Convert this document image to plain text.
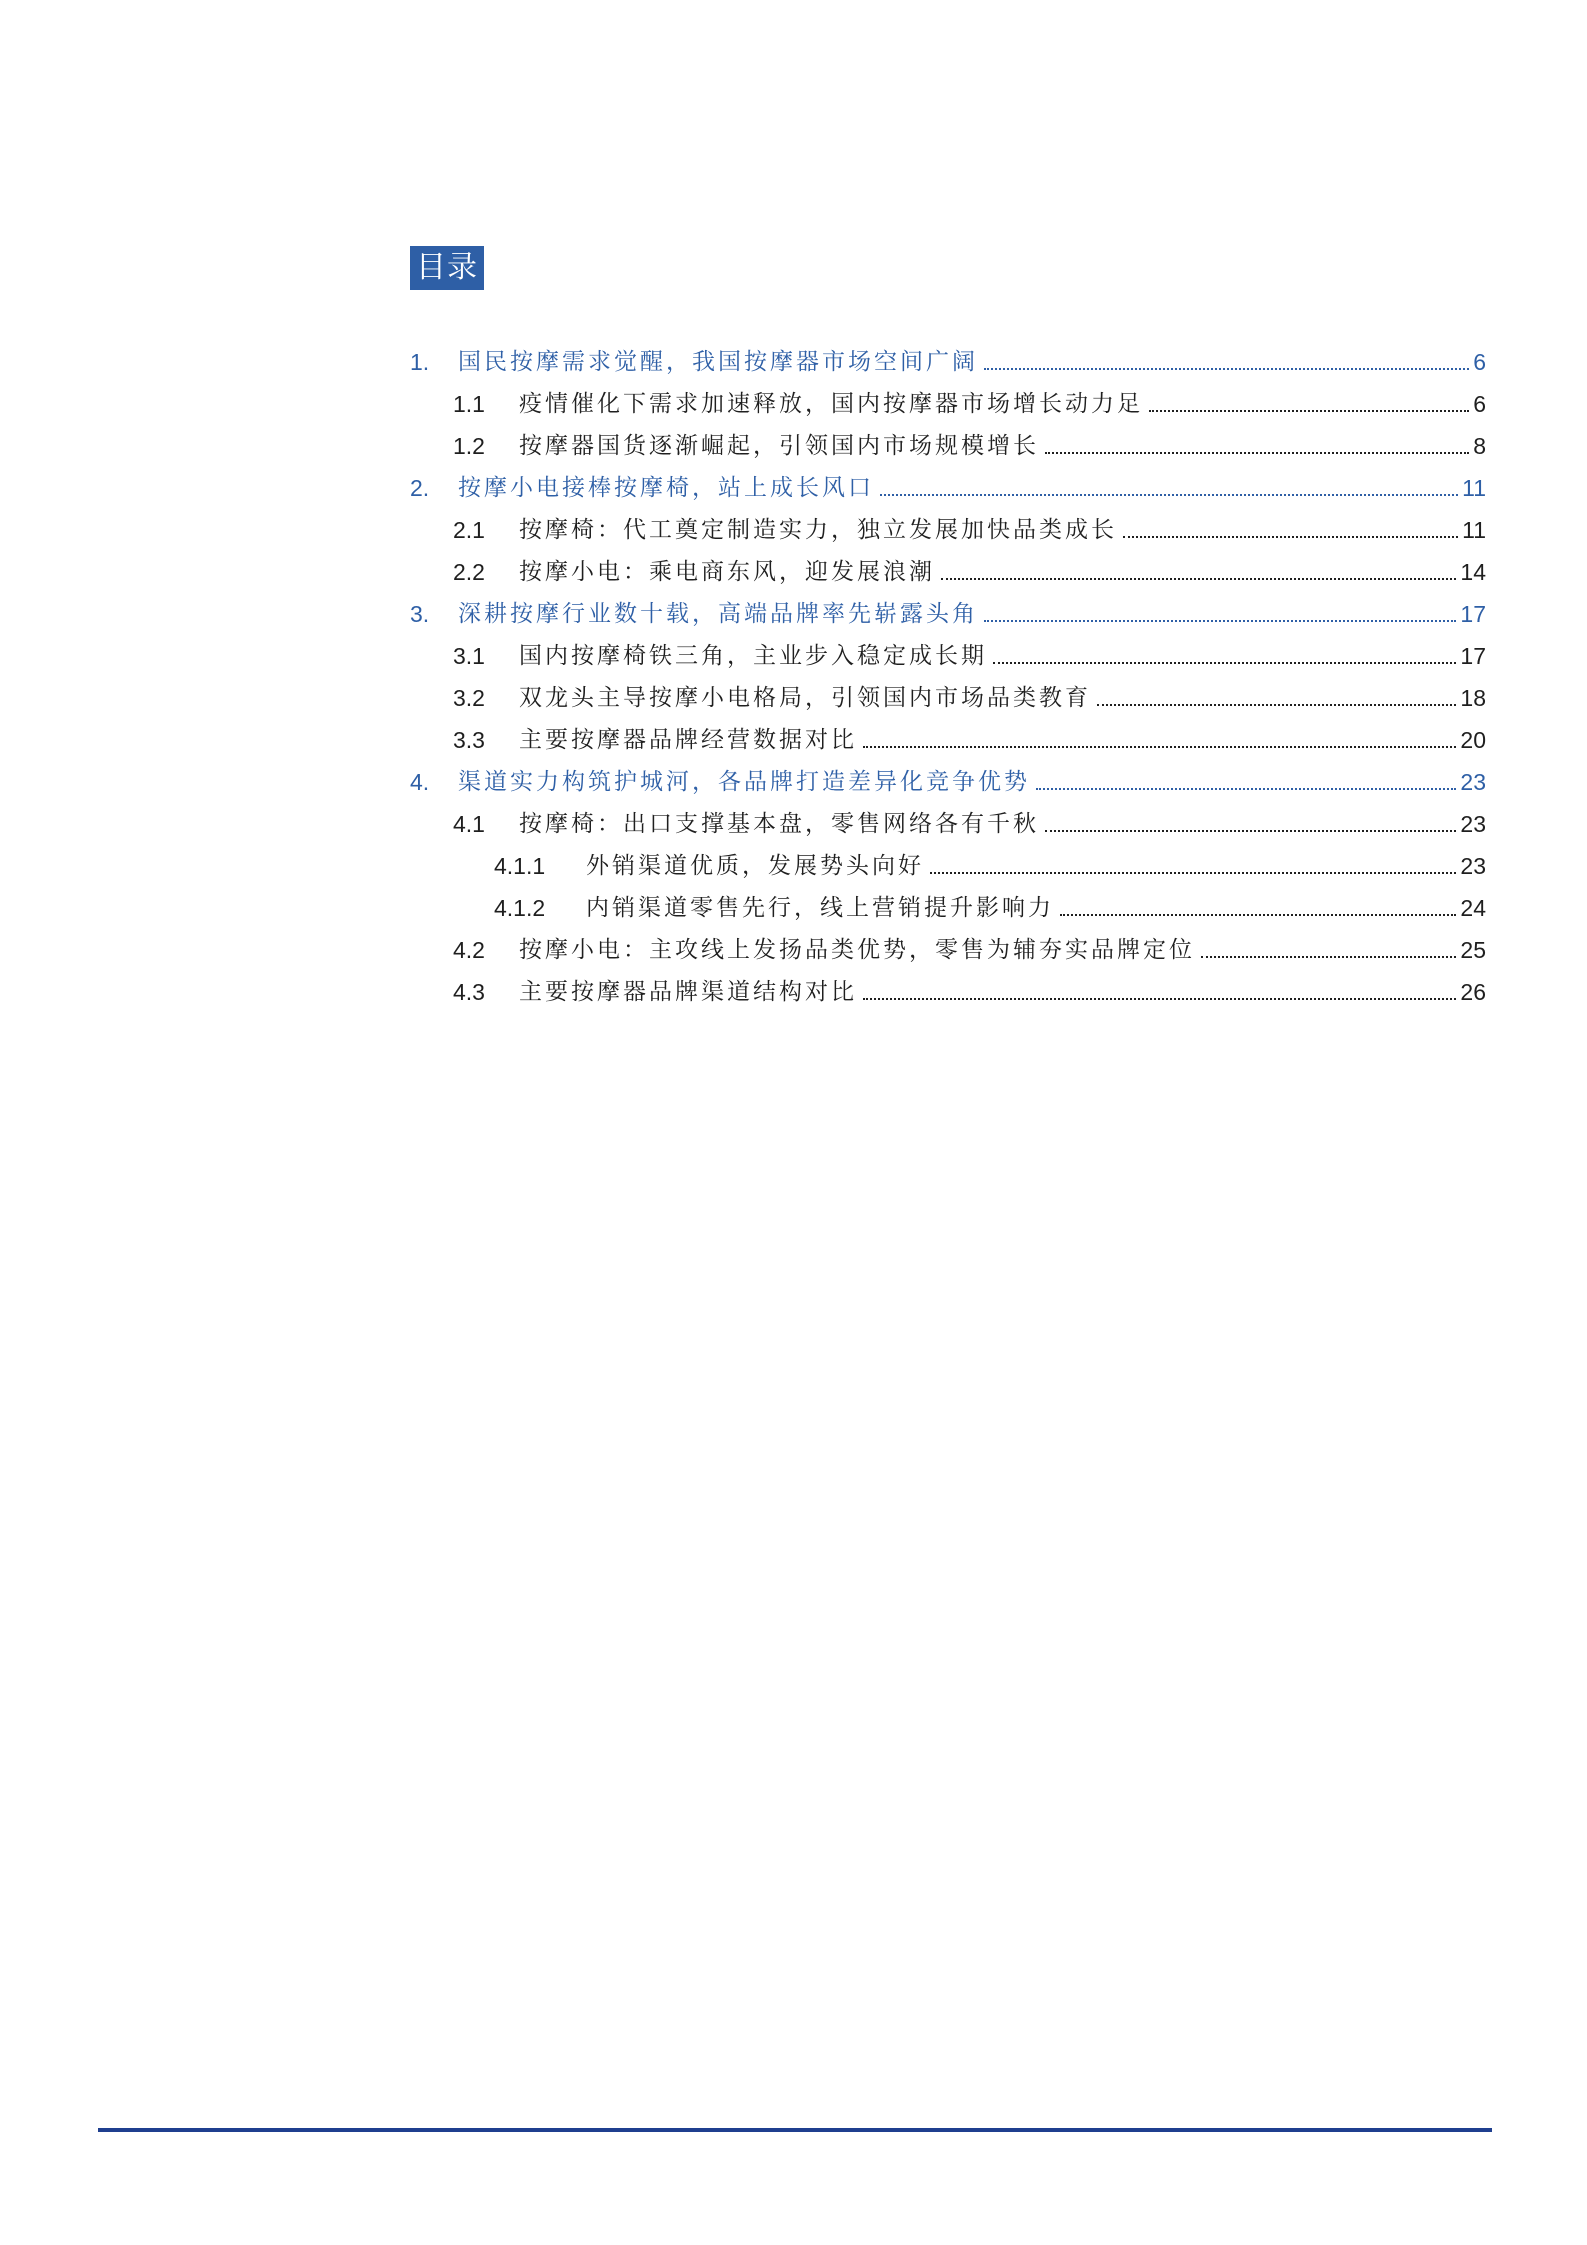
目录
1.	国民按摩需求觉醒，我国按摩器市场空间广阔	6
1.1	疫情催化下需求加速释放，国内按摩器市场增长动力足	6
1.2	按摩器国货逐渐崛起，引领国内市场规模增长	8
2.	按摩小电接棒按摩椅，站上成长风口	11
2.1	按摩椅：代工奠定制造实力，独立发展加快品类成长	11
2.2	按摩小电：乘电商东风，迎发展浪潮	14
3.	深耕按摩行业数十载，高端品牌率先崭露头角	17
3.1	国内按摩椅铁三角，主业步入稳定成长期	17
3.2	双龙头主导按摩小电格局，引领国内市场品类教育	18
3.3	主要按摩器品牌经营数据对比	20
4.	渠道实力构筑护城河，各品牌打造差异化竞争优势	23
4.1	按摩椅：出口支撑基本盘，零售网络各有千秋	23
4.1.1	外销渠道优质，发展势头向好	23
4.1.2	内销渠道零售先行，线上营销提升影响力	24
4.2	按摩小电：主攻线上发扬品类优势，零售为辅夯实品牌定位	25
4.3	主要按摩器品牌渠道结构对比	26
